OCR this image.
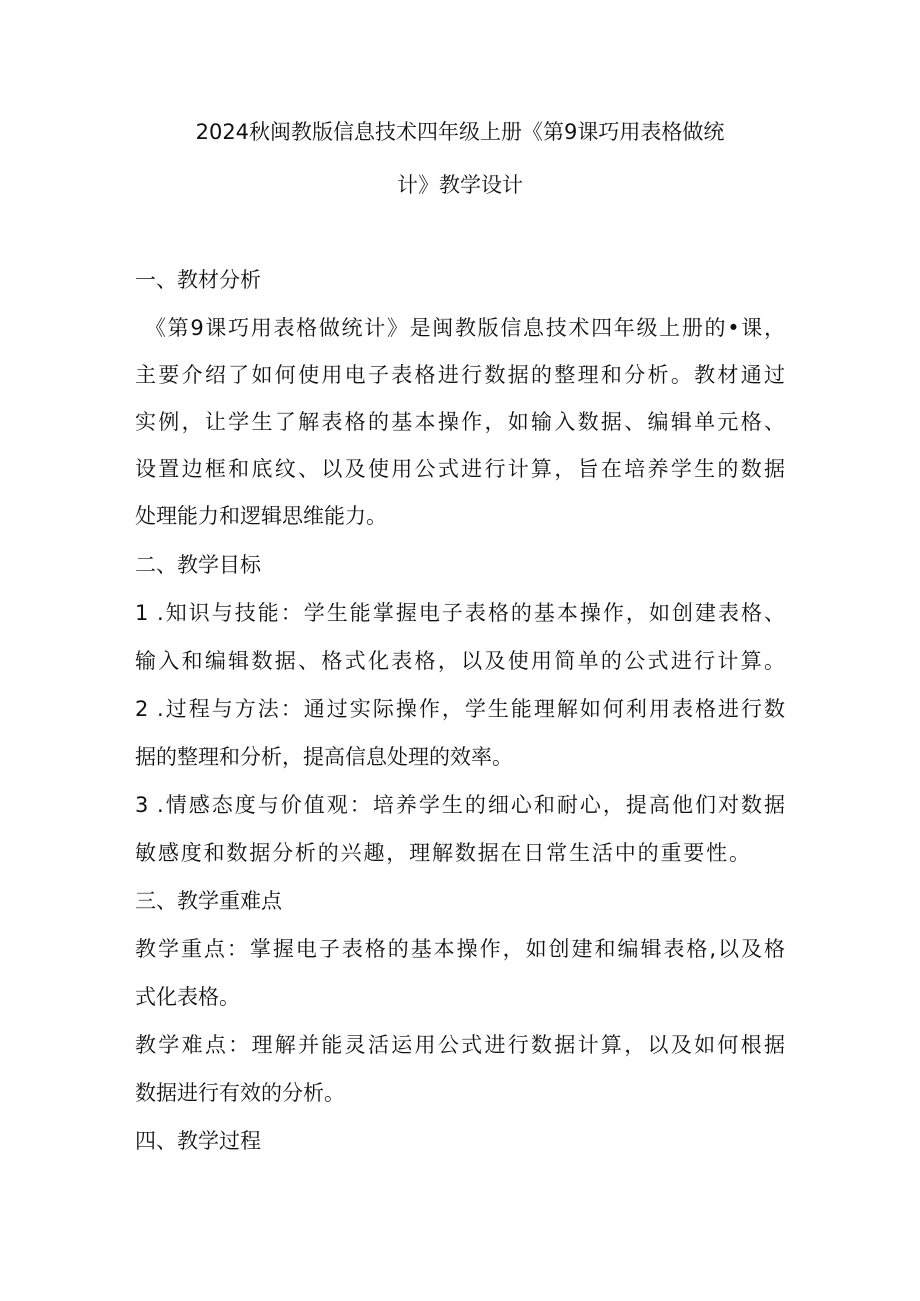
2024秋闽教版信息技术四年级上册《第9课巧用表格做统
计》教学设计
一、教材分析
《第9课巧用表格做统计》是闽教版信息技术四年级上册的•课，
主要介绍了如何使用电子表格进行数据的整理和分析。教材通过
实例，让学生了解表格的基本操作，如输入数据、编辑单元格、
设置边框和底纹、以及使用公式进行计算，旨在培养学生的数据
处理能力和逻辑思维能力。
二、教学目标
1 .知识与技能：学生能掌握电子表格的基本操作，如创建表格、
输入和编辑数据、格式化表格，以及使用简单的公式进行计算。
2 .过程与方法：通过实际操作，学生能理解如何利用表格进行数
据的整理和分析，提高信息处理的效率。
3 .情感态度与价值观：培养学生的细心和耐心，提高他们对数据
敏感度和数据分析的兴趣，理解数据在日常生活中的重要性。
三、教学重难点
教学重点：掌握电子表格的基本操作，如创建和编辑表格,以及格
式化表格。
教学难点：理解并能灵活运用公式进行数据计算，以及如何根据
数据进行有效的分析。
四、教学过程
